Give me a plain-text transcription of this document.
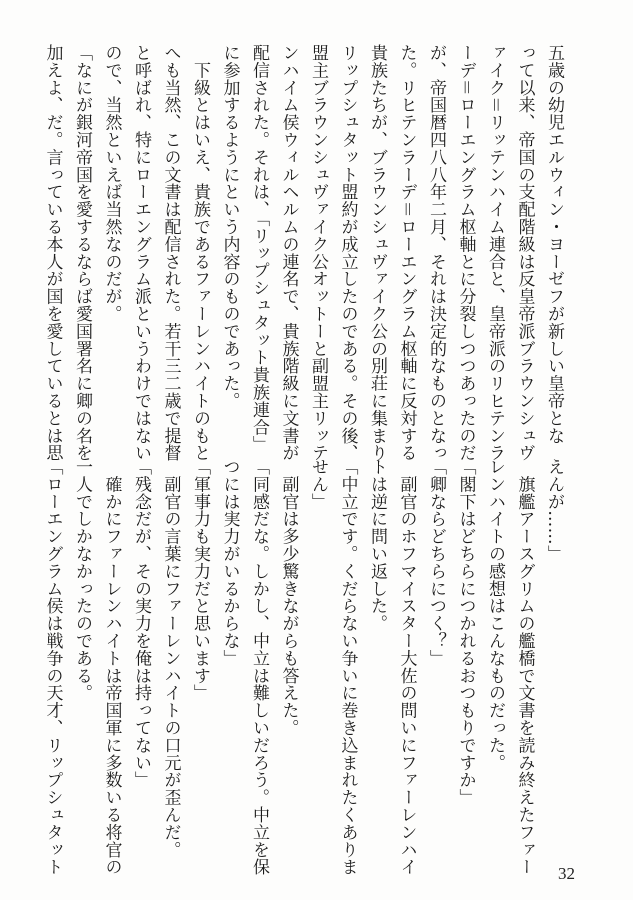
五歳の幼児エルウィン・ヨーゼフが新しい皇帝とな
って以来、帝国の支配階級は反皇帝派ブラウンシュヴ
ァイク＝リッテンハイム連合と、皇帝派のリヒテンラ
ーデ＝ローエングラム枢軸とに分裂しつつあったのだ
が、帝国暦四八八年二月、それは決定的なものとなっ
た。リヒテンラーデ＝ローエングラム枢軸に反対する
貴族たちが、ブラウンシュヴァイク公の別荘に集まり
リップシュタット盟約が成立したのである。その後、
盟主ブラウンシュヴァイク公オットーと副盟主リッテ
ンハイム侯ウィルヘルムの連名で、貴族階級に文書が
配信された。それは、「リップシュタット貴族連合」
に参加するようにという内容のものであった。
　下級とはいえ、貴族であるファーレンハイトのもと
へも当然、この文書は配信された。若干三二歳で提督
と呼ばれ、特にローエングラム派というわけではない
ので、当然といえば当然なのだが。
「なにが銀河帝国を愛するならば愛国署名に卿の名を
加えよ、だ。言っている本人が国を愛しているとは思
えんが……」
　旗艦アースグリムの艦橋で文書を読み終えたファー
レンハイトの感想はこんなものだった。
「閣下はどちらにつかれるおつもりですか」
「卿ならどちらにつく？」
　副官のホフマイスター大佐の問いにファーレンハイ
トは逆に問い返した。
「中立です。くだらない争いに巻き込まれたくありま
せん」
　副官は多少驚きながらも答えた。
「同感だな。しかし、中立は難しいだろう。中立を保
つには実力がいるからな」
「軍事力も実力だと思います」
　副官の言葉にファーレンハイトの口元が歪んだ。
「残念だが、その実力を俺は持ってない」
　確かにファーレンハイトは帝国軍に多数いる将官の
一人でしかなかったのである。
「ローエングラム侯は戦争の天才、リップシュタット	32
